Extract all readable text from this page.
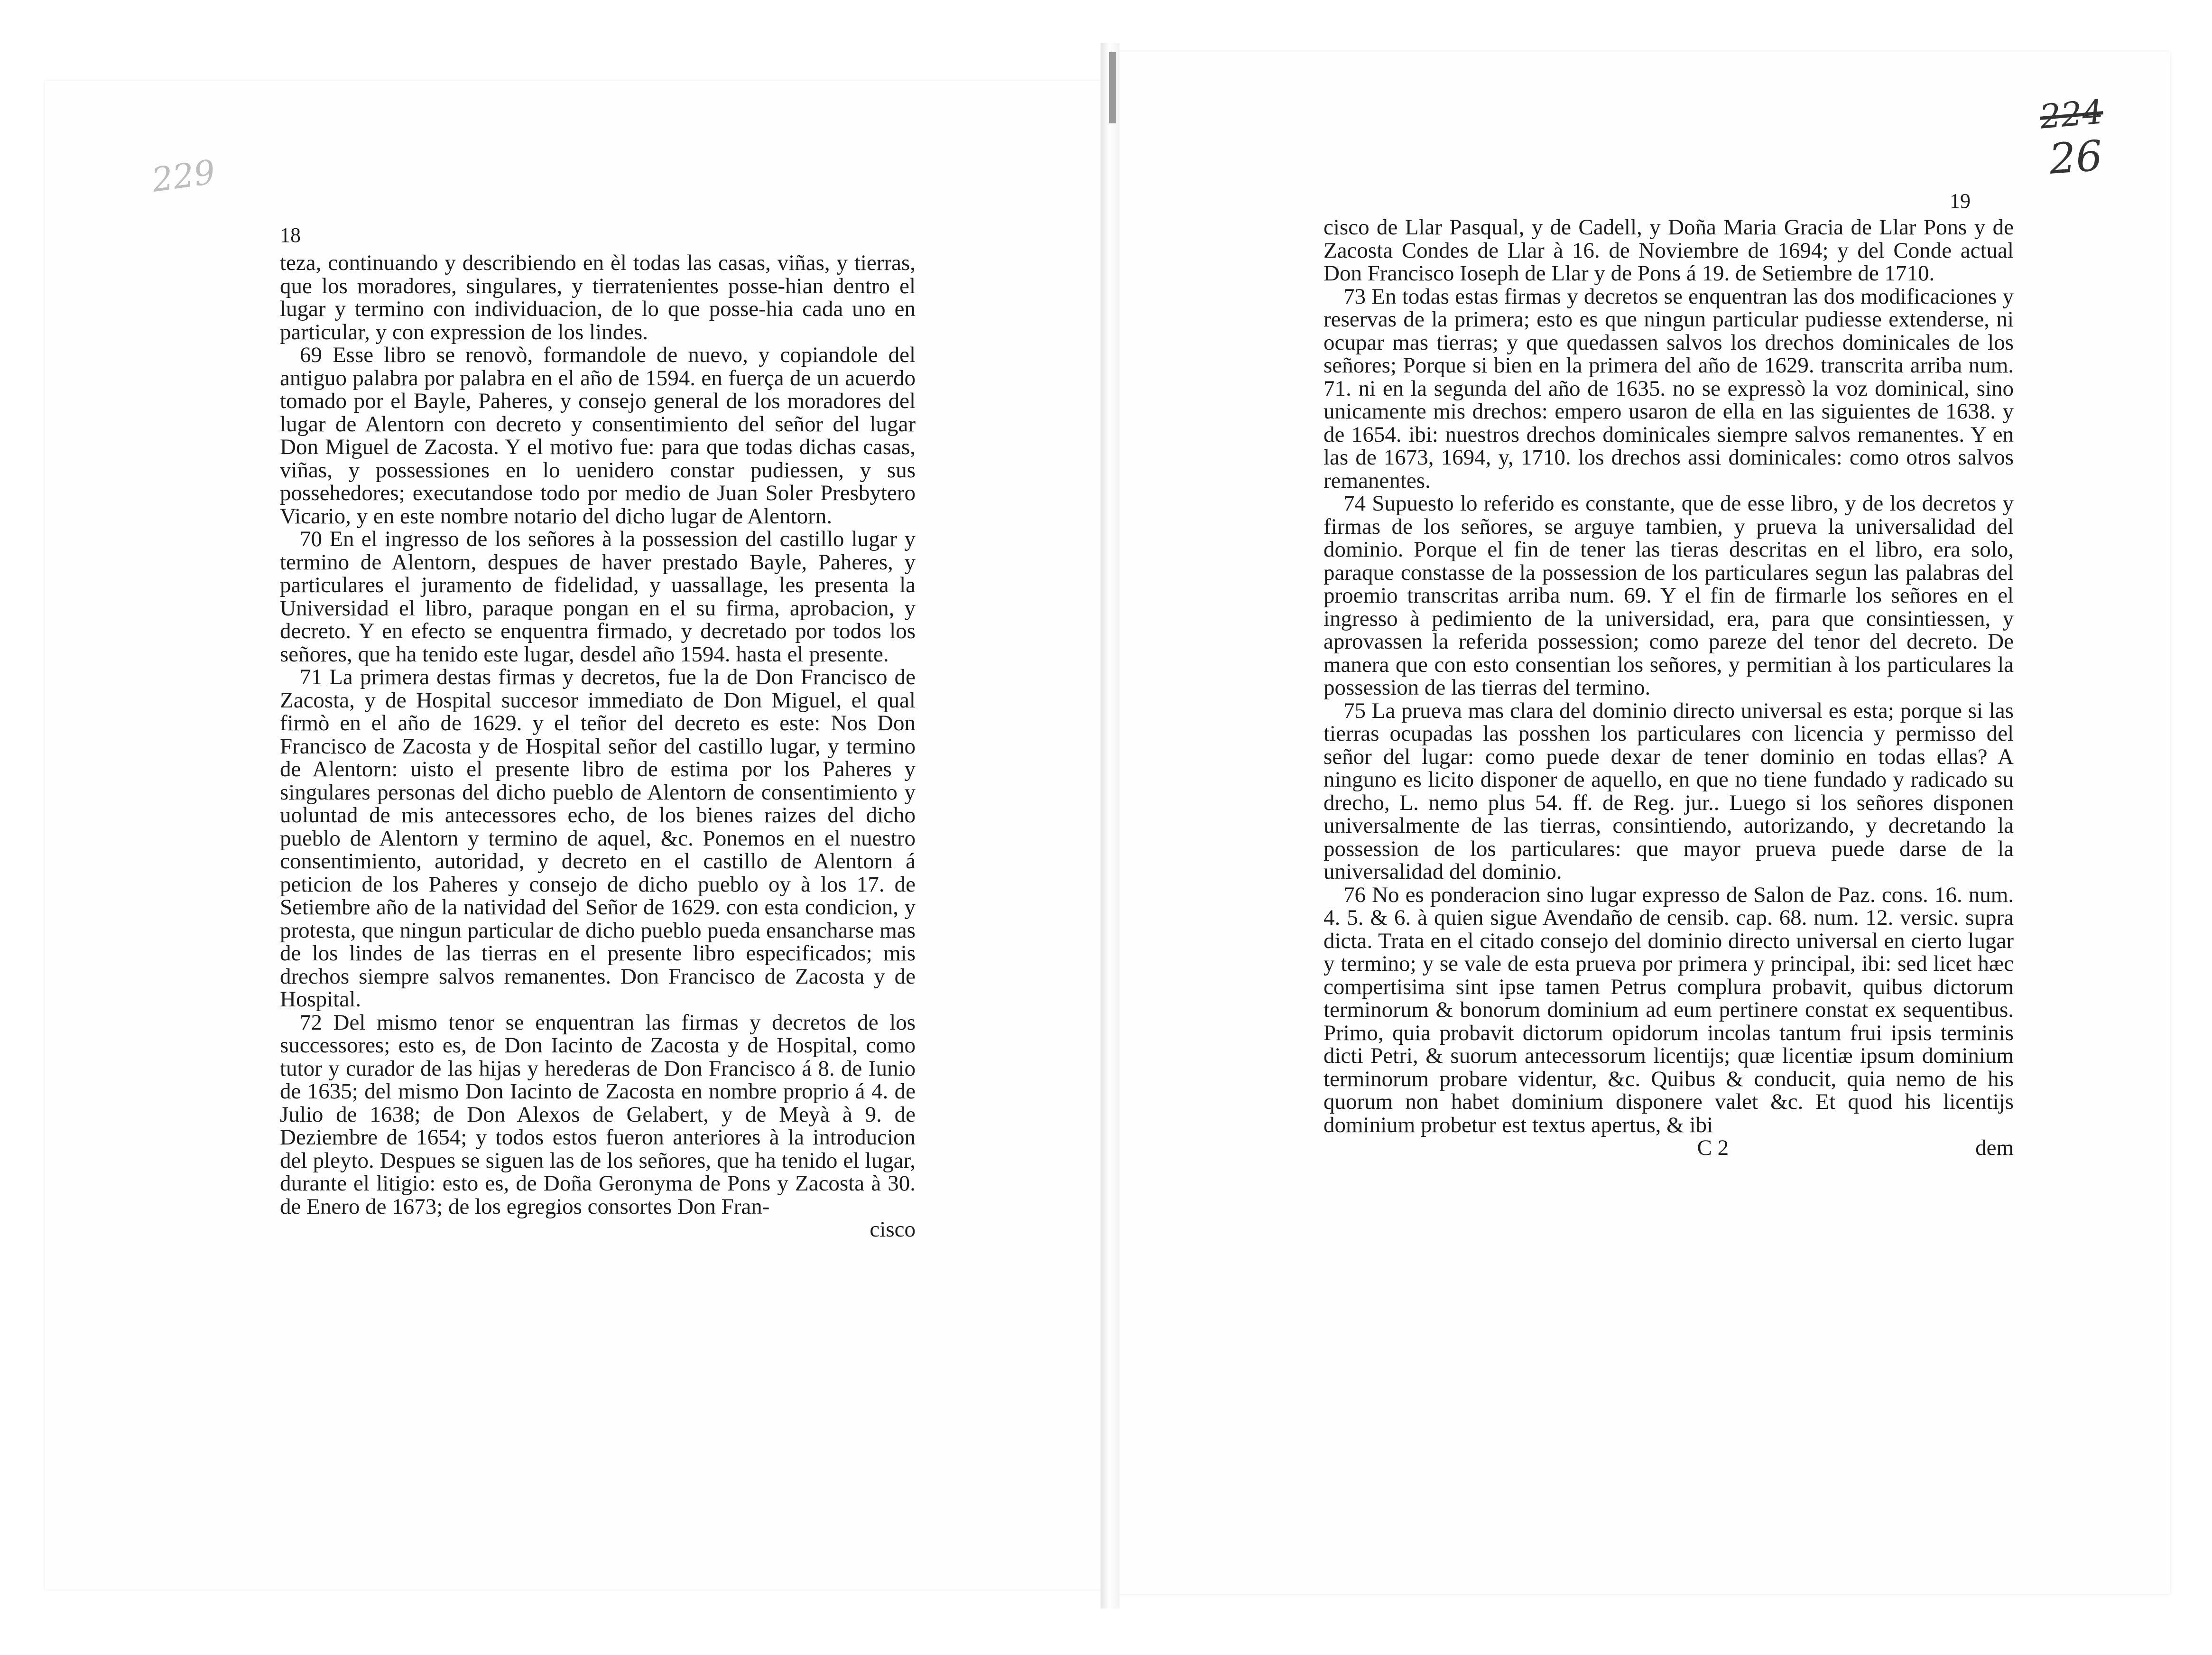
229
224
26
18
19

teza, continuando y describiendo en èl todas las casas, viñas, y tierras, que los moradores, singulares, y tierratenientes posse-hian dentro el lugar y termino con individuacion, de lo que posse-hia cada uno en particular, y con expression de los lindes.

69 Esse libro se renovò, formandole de nuevo, y copiandole del antiguo palabra por palabra en el año de 1594. en fuerça de un acuerdo tomado por el Bayle, Paheres, y consejo general de los moradores del lugar de Alentorn con decreto y consentimiento del señor del lugar Don Miguel de Zacosta. Y el motivo fue: para que todas dichas casas, viñas, y possessiones en lo uenidero constar pudiessen, y sus possehedores; executandose todo por medio de Juan Soler Presbytero Vicario, y en este nombre notario del dicho lugar de Alentorn.

70 En el ingresso de los señores à la possession del castillo lugar y termino de Alentorn, despues de haver prestado Bayle, Paheres, y particulares el juramento de fidelidad, y uassallage, les presenta la Universidad el libro, paraque pongan en el su firma, aprobacion, y decreto. Y en efecto se enquentra firmado, y decretado por todos los señores, que ha tenido este lugar, desdel año 1594. hasta el presente.

71 La primera destas firmas y decretos, fue la de Don Francisco de Zacosta, y de Hospital succesor immediato de Don Miguel, el qual firmò en el año de 1629. y el teñor del decreto es este: Nos Don Francisco de Zacosta y de Hospital señor del castillo lugar, y termino de Alentorn: uisto el presente libro de estima por los Paheres y singulares personas del dicho pueblo de Alentorn de consentimiento y uoluntad de mis antecessores echo, de los bienes raizes del dicho pueblo de Alentorn y termino de aquel, &c. Ponemos en el nuestro consentimiento, autoridad, y decreto en el castillo de Alentorn á peticion de los Paheres y consejo de dicho pueblo oy à los 17. de Setiembre año de la natividad del Señor de 1629. con esta condicion, y protesta, que ningun particular de dicho pueblo pueda ensancharse mas de los lindes de las tierras en el presente libro especificados; mis drechos siempre salvos remanentes. Don Francisco de Zacosta y de Hospital.

72 Del mismo tenor se enquentran las firmas y decretos de los successores; esto es, de Don Iacinto de Zacosta y de Hospital, como tutor y curador de las hijas y herederas de Don Francisco á 8. de Iunio de 1635; del mismo Don Iacinto de Zacosta en nombre proprio á 4. de Julio de 1638; de Don Alexos de Gelabert, y de Meyà à 9. de Deziembre de 1654; y todos estos fueron anteriores à la introducion del pleyto. Despues se siguen las de los señores, que ha tenido el lugar, durante el litigio: esto es, de Doña Geronyma de Pons y Zacosta à 30. de Enero de 1673; de los egregios consortes Don Fran-

cisco

cisco de Llar Pasqual, y de Cadell, y Doña Maria Gracia de Llar Pons y de Zacosta Condes de Llar à 16. de Noviembre de 1694; y del Conde actual Don Francisco Ioseph de Llar y de Pons á 19. de Setiembre de 1710.

73 En todas estas firmas y decretos se enquentran las dos modificaciones y reservas de la primera; esto es que ningun particular pudiesse extenderse, ni ocupar mas tierras; y que quedassen salvos los drechos dominicales de los señores; Porque si bien en la primera del año de 1629. transcrita arriba num. 71. ni en la segunda del año de 1635. no se expressò la voz dominical, sino unicamente mis drechos: empero usaron de ella en las siguientes de 1638. y de 1654. ibi: nuestros drechos dominicales siempre salvos remanentes. Y en las de 1673, 1694, y, 1710. los drechos assi dominicales: como otros salvos remanentes.

74 Supuesto lo referido es constante, que de esse libro, y de los decretos y firmas de los señores, se arguye tambien, y prueva la universalidad del dominio. Porque el fin de tener las tieras descritas en el libro, era solo, paraque constasse de la possession de los particulares segun las palabras del proemio transcritas arriba num. 69. Y el fin de firmarle los señores en el ingresso à pedimiento de la universidad, era, para que consintiessen, y aprovassen la referida possession; como pareze del tenor del decreto. De manera que con esto consentian los señores, y permitian à los particulares la possession de las tierras del termino.

75 La prueva mas clara del dominio directo universal es esta; porque si las tierras ocupadas las posshen los particulares con licencia y permisso del señor del lugar: como puede dexar de tener dominio en todas ellas? A ninguno es licito disponer de aquello, en que no tiene fundado y radicado su drecho, L. nemo plus 54. ff. de Reg. jur.. Luego si los señores disponen universalmente de las tierras, consintiendo, autorizando, y decretando la possession de los particulares: que mayor prueva puede darse de la universalidad del dominio.

76 No es ponderacion sino lugar expresso de Salon de Paz. cons. 16. num. 4. 5. & 6. à quien sigue Avendaño de censib. cap. 68. num. 12. versic. supra dicta. Trata en el citado consejo del dominio directo universal en cierto lugar y termino; y se vale de esta prueva por primera y principal, ibi: sed licet hæc compertisima sint ipse tamen Petrus complura probavit, quibus dictorum terminorum & bonorum dominium ad eum pertinere constat ex sequentibus. Primo, quia probavit dictorum opidorum incolas tantum frui ipsis terminis dicti Petri, & suorum antecessorum licentijs; quæ licentiæ ipsum dominium terminorum probare videntur, &c. Quibus & conducit, quia nemo de his quorum non habet dominium disponere valet &c. Et quod his licentijs dominium probetur est textus apertus, & ibi

C 2	dem
